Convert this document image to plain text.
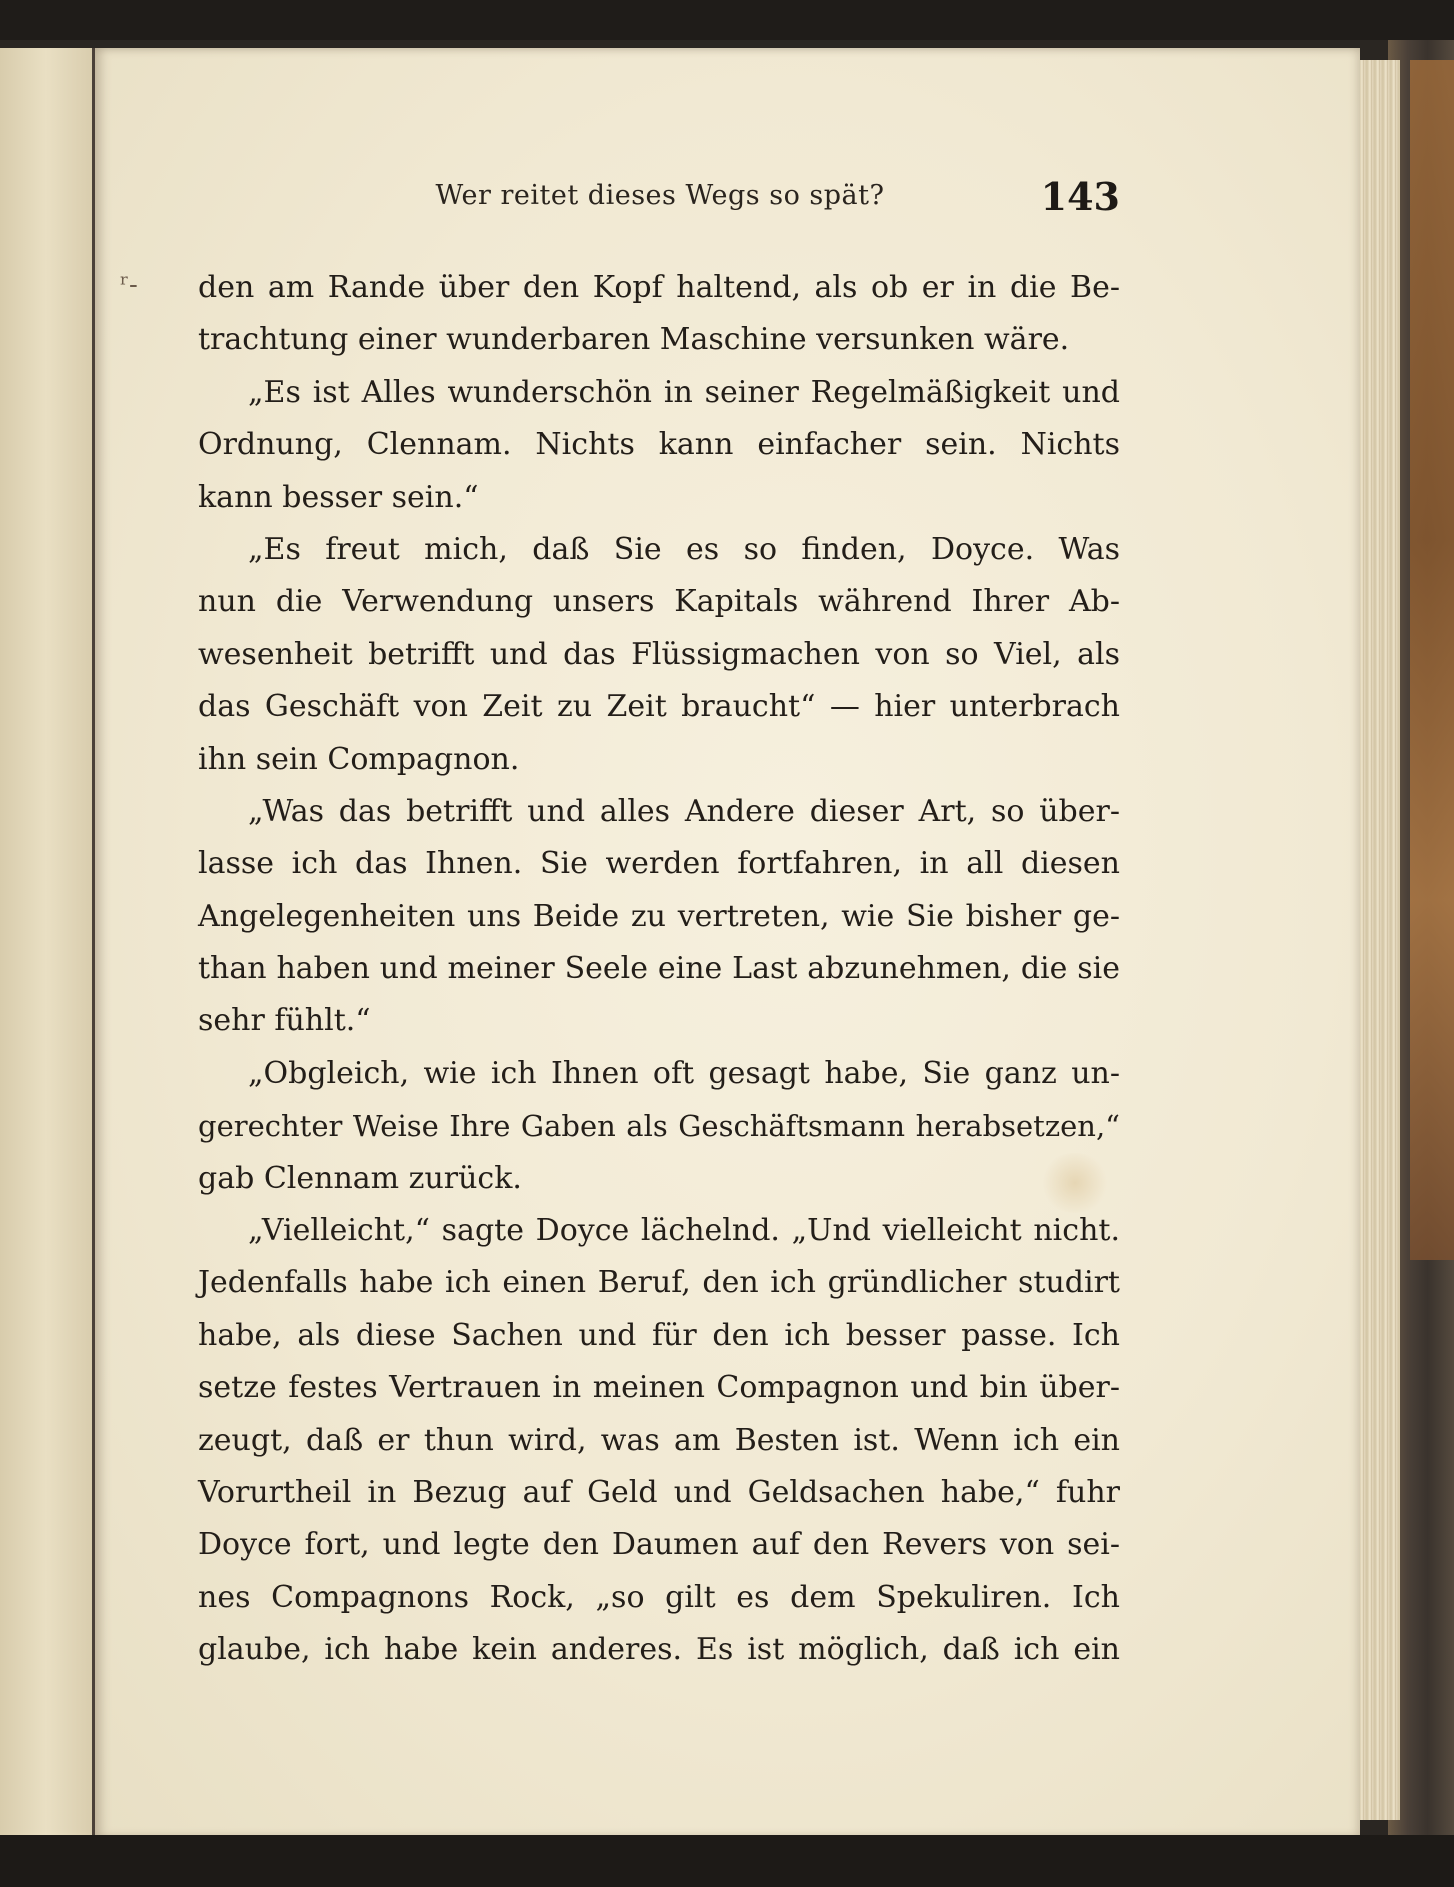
ʳ‐
Wer reitet dieses Wegs so spät?	143
den am Rande über den Kopf haltend, als ob er in die Be-
trachtung einer wunderbaren Maschine versunken wäre.
„Es ist Alles wunderschön in seiner Regelmäßigkeit und
Ordnung, Clennam. Nichts kann einfacher sein. Nichts
kann besser sein.“
„Es freut mich, daß Sie es so finden, Doyce. Was
nun die Verwendung unsers Kapitals während Ihrer Ab-
wesenheit betrifft und das Flüssigmachen von so Viel, als
das Geschäft von Zeit zu Zeit braucht“ — hier unterbrach
ihn sein Compagnon.
„Was das betrifft und alles Andere dieser Art, so über-
lasse ich das Ihnen. Sie werden fortfahren, in all diesen
Angelegenheiten uns Beide zu vertreten, wie Sie bisher ge-
than haben und meiner Seele eine Last abzunehmen, die sie
sehr fühlt.“
„Obgleich, wie ich Ihnen oft gesagt habe, Sie ganz un-
gerechter Weise Ihre Gaben als Geschäftsmann herabsetzen,“
gab Clennam zurück.
„Vielleicht,“ sagte Doyce lächelnd. „Und vielleicht nicht.
Jedenfalls habe ich einen Beruf, den ich gründlicher studirt
habe, als diese Sachen und für den ich besser passe. Ich
setze festes Vertrauen in meinen Compagnon und bin über-
zeugt, daß er thun wird, was am Besten ist. Wenn ich ein
Vorurtheil in Bezug auf Geld und Geldsachen habe,“ fuhr
Doyce fort, und legte den Daumen auf den Revers von sei-
nes Compagnons Rock, „so gilt es dem Spekuliren. Ich
glaube, ich habe kein anderes. Es ist möglich, daß ich ein
